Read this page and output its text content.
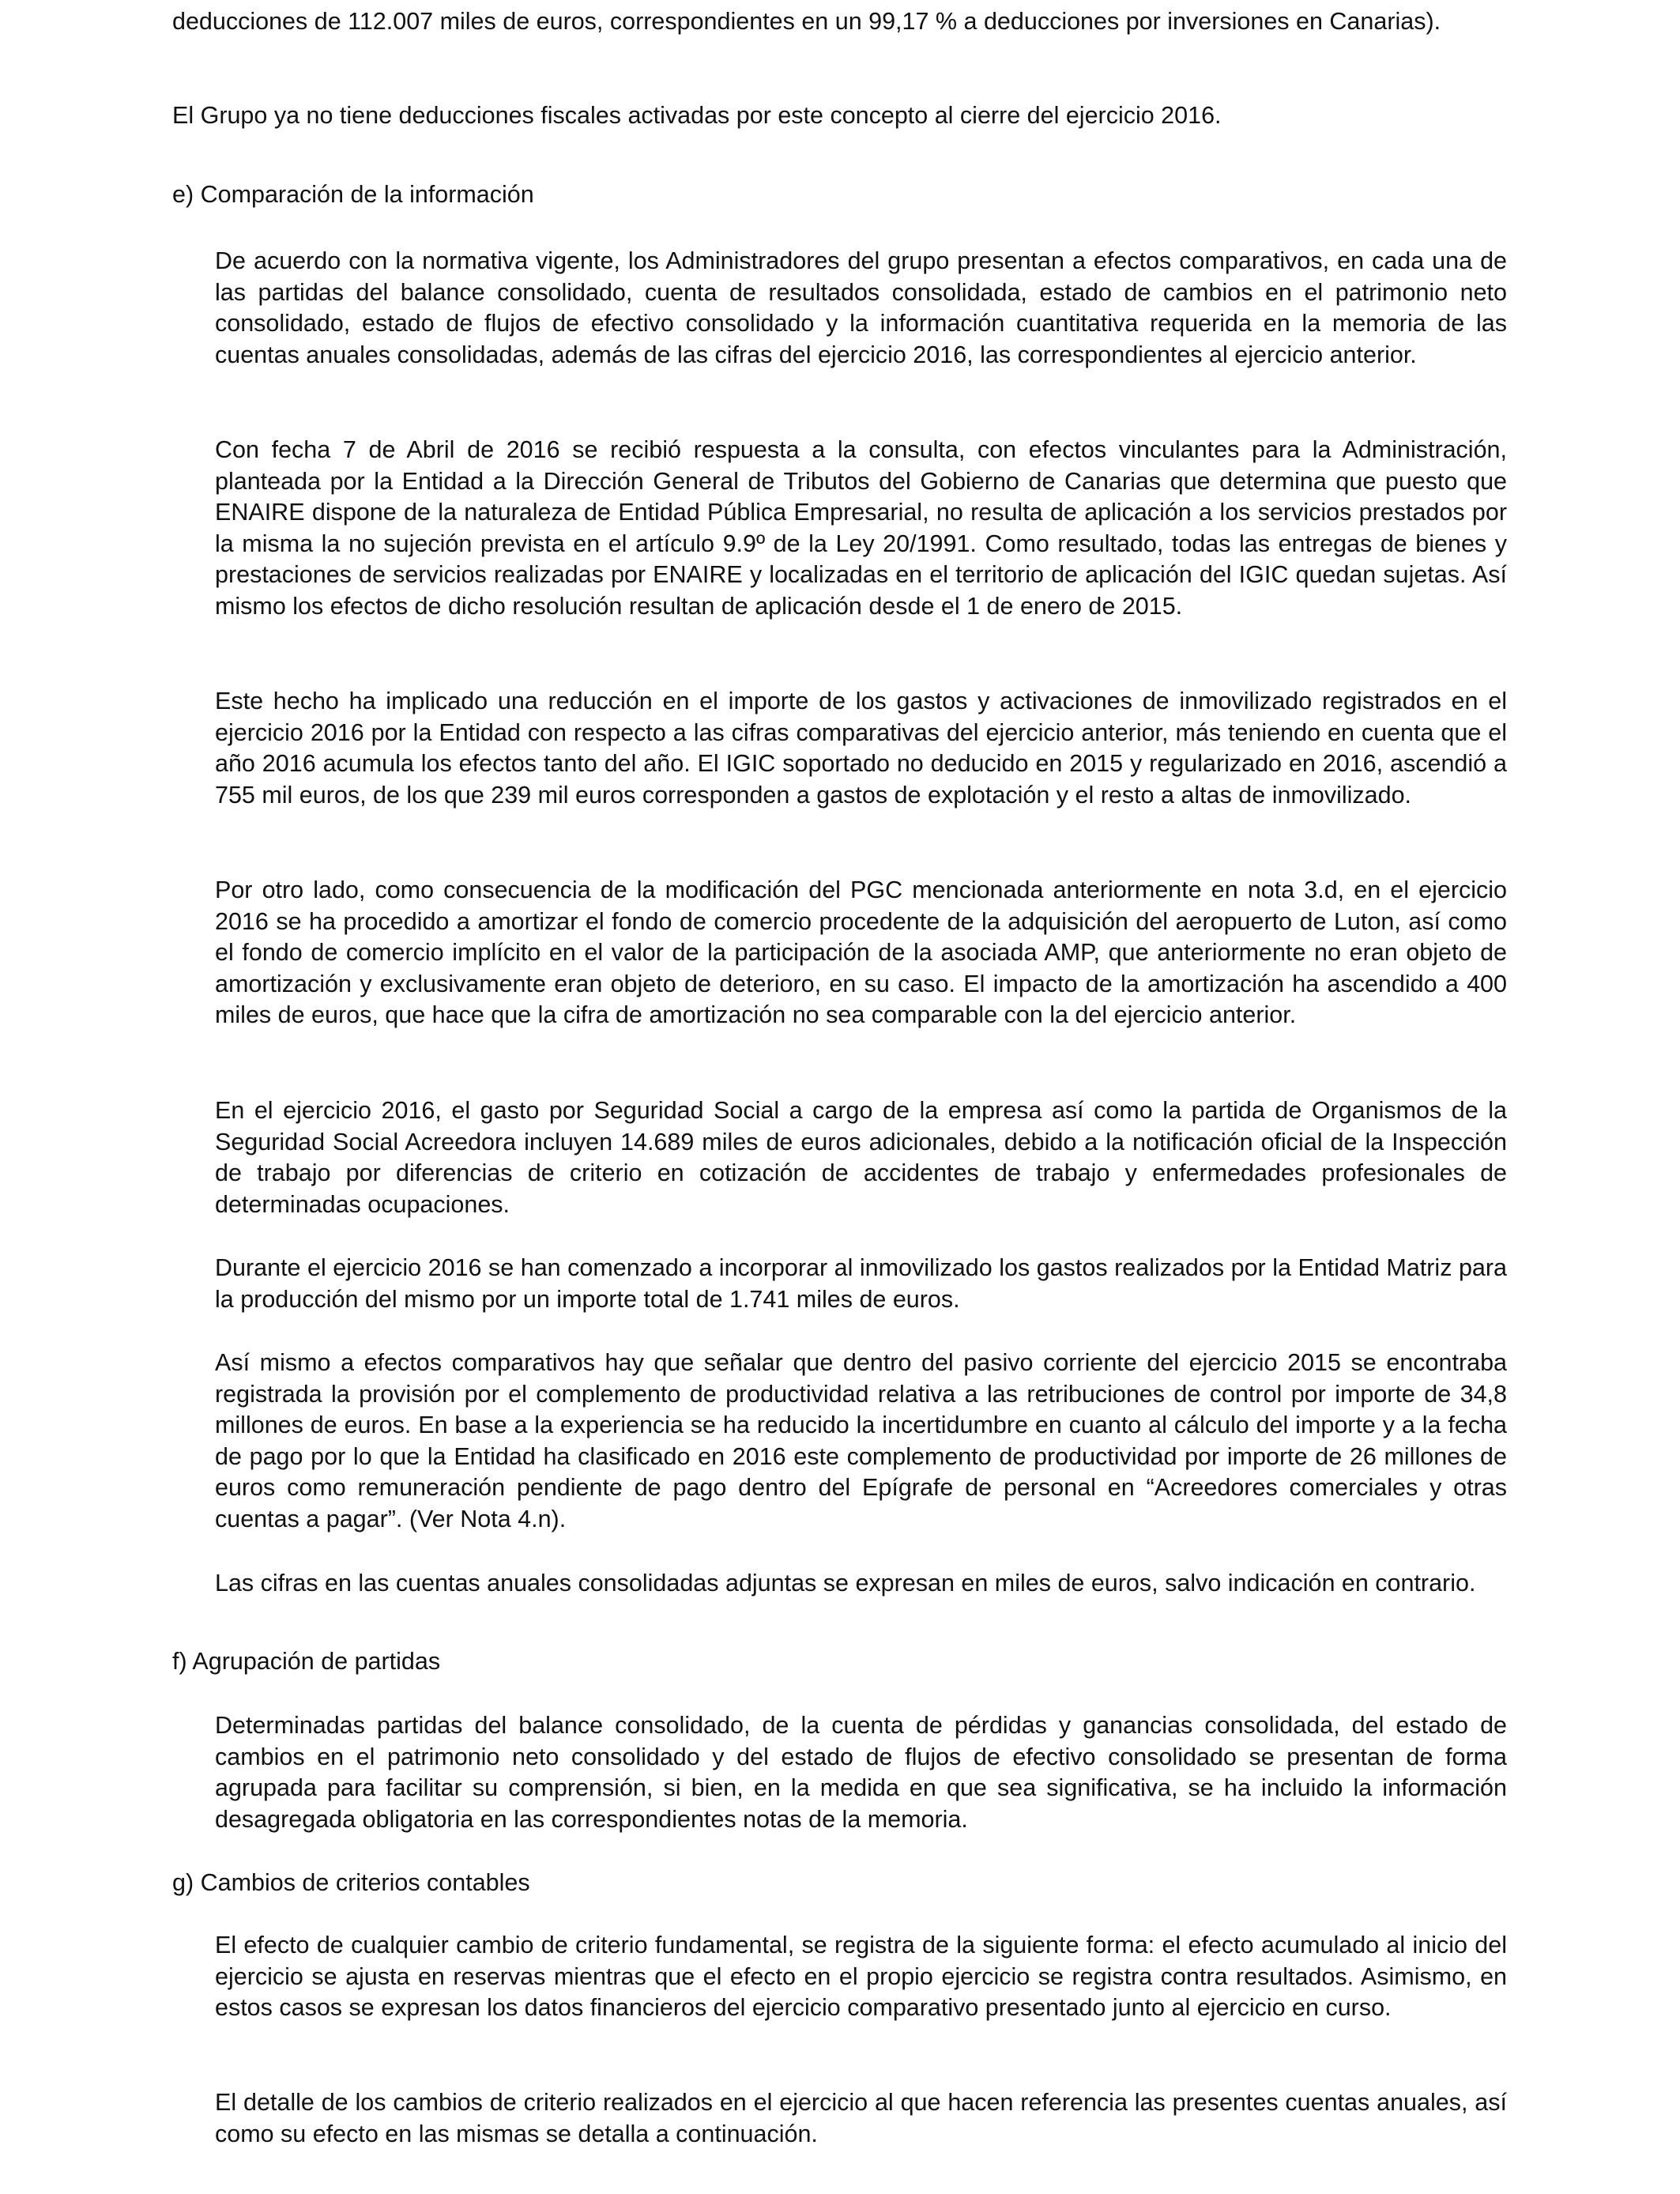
deducciones de 112.007 miles de euros, correspondientes en un 99,17 % a deducciones por inversiones en Canarias).

El Grupo ya no tiene deducciones fiscales activadas por este concepto al cierre del ejercicio 2016.

e) Comparación de la información

De acuerdo con la normativa vigente, los Administradores del grupo presentan a efectos comparativos, en cada una de las partidas del balance consolidado, cuenta de resultados consolidada, estado de cambios en el patrimonio neto consolidado, estado de flujos de efectivo consolidado y la información cuantitativa requerida en la memoria de las cuentas anuales consolidadas, además de las cifras del ejercicio 2016, las correspondientes al ejercicio anterior.

Con fecha 7 de Abril de 2016 se recibió respuesta a la consulta, con efectos vinculantes para la Administración, planteada por la Entidad a la Dirección General de Tributos del Gobierno de Canarias que determina que puesto que ENAIRE dispone de la naturaleza de Entidad Pública Empresarial, no resulta de aplicación a los servicios prestados por la misma la no sujeción prevista en el artículo 9.9º de la Ley 20/1991. Como resultado, todas las entregas de bienes y prestaciones de servicios realizadas por ENAIRE y localizadas en el territorio de aplicación del IGIC quedan sujetas. Así mismo los efectos de dicho resolución resultan de aplicación desde el 1 de enero de 2015.

Este hecho ha implicado una reducción en el importe de los gastos y activaciones de inmovilizado registrados en el ejercicio 2016 por la Entidad con respecto a las cifras comparativas del ejercicio anterior, más teniendo en cuenta que el año 2016 acumula los efectos tanto del año. El IGIC soportado no deducido en 2015 y regularizado en 2016, ascendió a 755 mil euros, de los que 239 mil euros corresponden a gastos de explotación y el resto a altas de inmovilizado.

Por otro lado, como consecuencia de la modificación del PGC mencionada anteriormente en nota 3.d, en el ejercicio 2016 se ha procedido a amortizar el fondo de comercio procedente de la adquisición del aeropuerto de Luton, así como el fondo de comercio implícito en el valor de la participación de la asociada AMP, que anteriormente no eran objeto de amortización y exclusivamente eran objeto de deterioro, en su caso. El impacto de la amortización ha ascendido a 400 miles de euros, que hace que la cifra de amortización no sea comparable con la del ejercicio anterior.

En el ejercicio 2016, el gasto por Seguridad Social a cargo de la empresa así como la partida de Organismos de la Seguridad Social Acreedora incluyen 14.689 miles de euros adicionales, debido a la notificación oficial de la Inspección de trabajo por diferencias de criterio en cotización de accidentes de trabajo y enfermedades profesionales de determinadas ocupaciones.

Durante el ejercicio 2016 se han comenzado a incorporar al inmovilizado los gastos realizados por la Entidad Matriz para la producción del mismo por un importe total de 1.741 miles de euros.

Así mismo a efectos comparativos hay que señalar que dentro del pasivo corriente del ejercicio 2015 se encontraba registrada la provisión por el complemento de productividad relativa a las retribuciones de control por importe de 34,8 millones de euros. En base a la experiencia se ha reducido la incertidumbre en cuanto al cálculo del importe y a la fecha de pago por lo que la Entidad ha clasificado en 2016 este complemento de productividad por importe de 26 millones de euros como remuneración pendiente de pago dentro del Epígrafe de personal en “Acreedores comerciales y otras cuentas a pagar”. (Ver Nota 4.n).

Las cifras en las cuentas anuales consolidadas adjuntas se expresan en miles de euros, salvo indicación en contrario.

f) Agrupación de partidas

Determinadas partidas del balance consolidado, de la cuenta de pérdidas y ganancias consolidada, del estado de cambios en el patrimonio neto consolidado y del estado de flujos de efectivo consolidado se presentan de forma agrupada para facilitar su comprensión, si bien, en la medida en que sea significativa, se ha incluido la información desagregada obligatoria en las correspondientes notas de la memoria.

g) Cambios de criterios contables

El efecto de cualquier cambio de criterio fundamental, se registra de la siguiente forma: el efecto acumulado al inicio del ejercicio se ajusta en reservas mientras que el efecto en el propio ejercicio se registra contra resultados. Asimismo, en estos casos se expresan los datos financieros del ejercicio comparativo presentado junto al ejercicio en curso.

El detalle de los cambios de criterio realizados en el ejercicio al que hacen referencia las presentes cuentas anuales, así como su efecto en las mismas se detalla a continuación.
